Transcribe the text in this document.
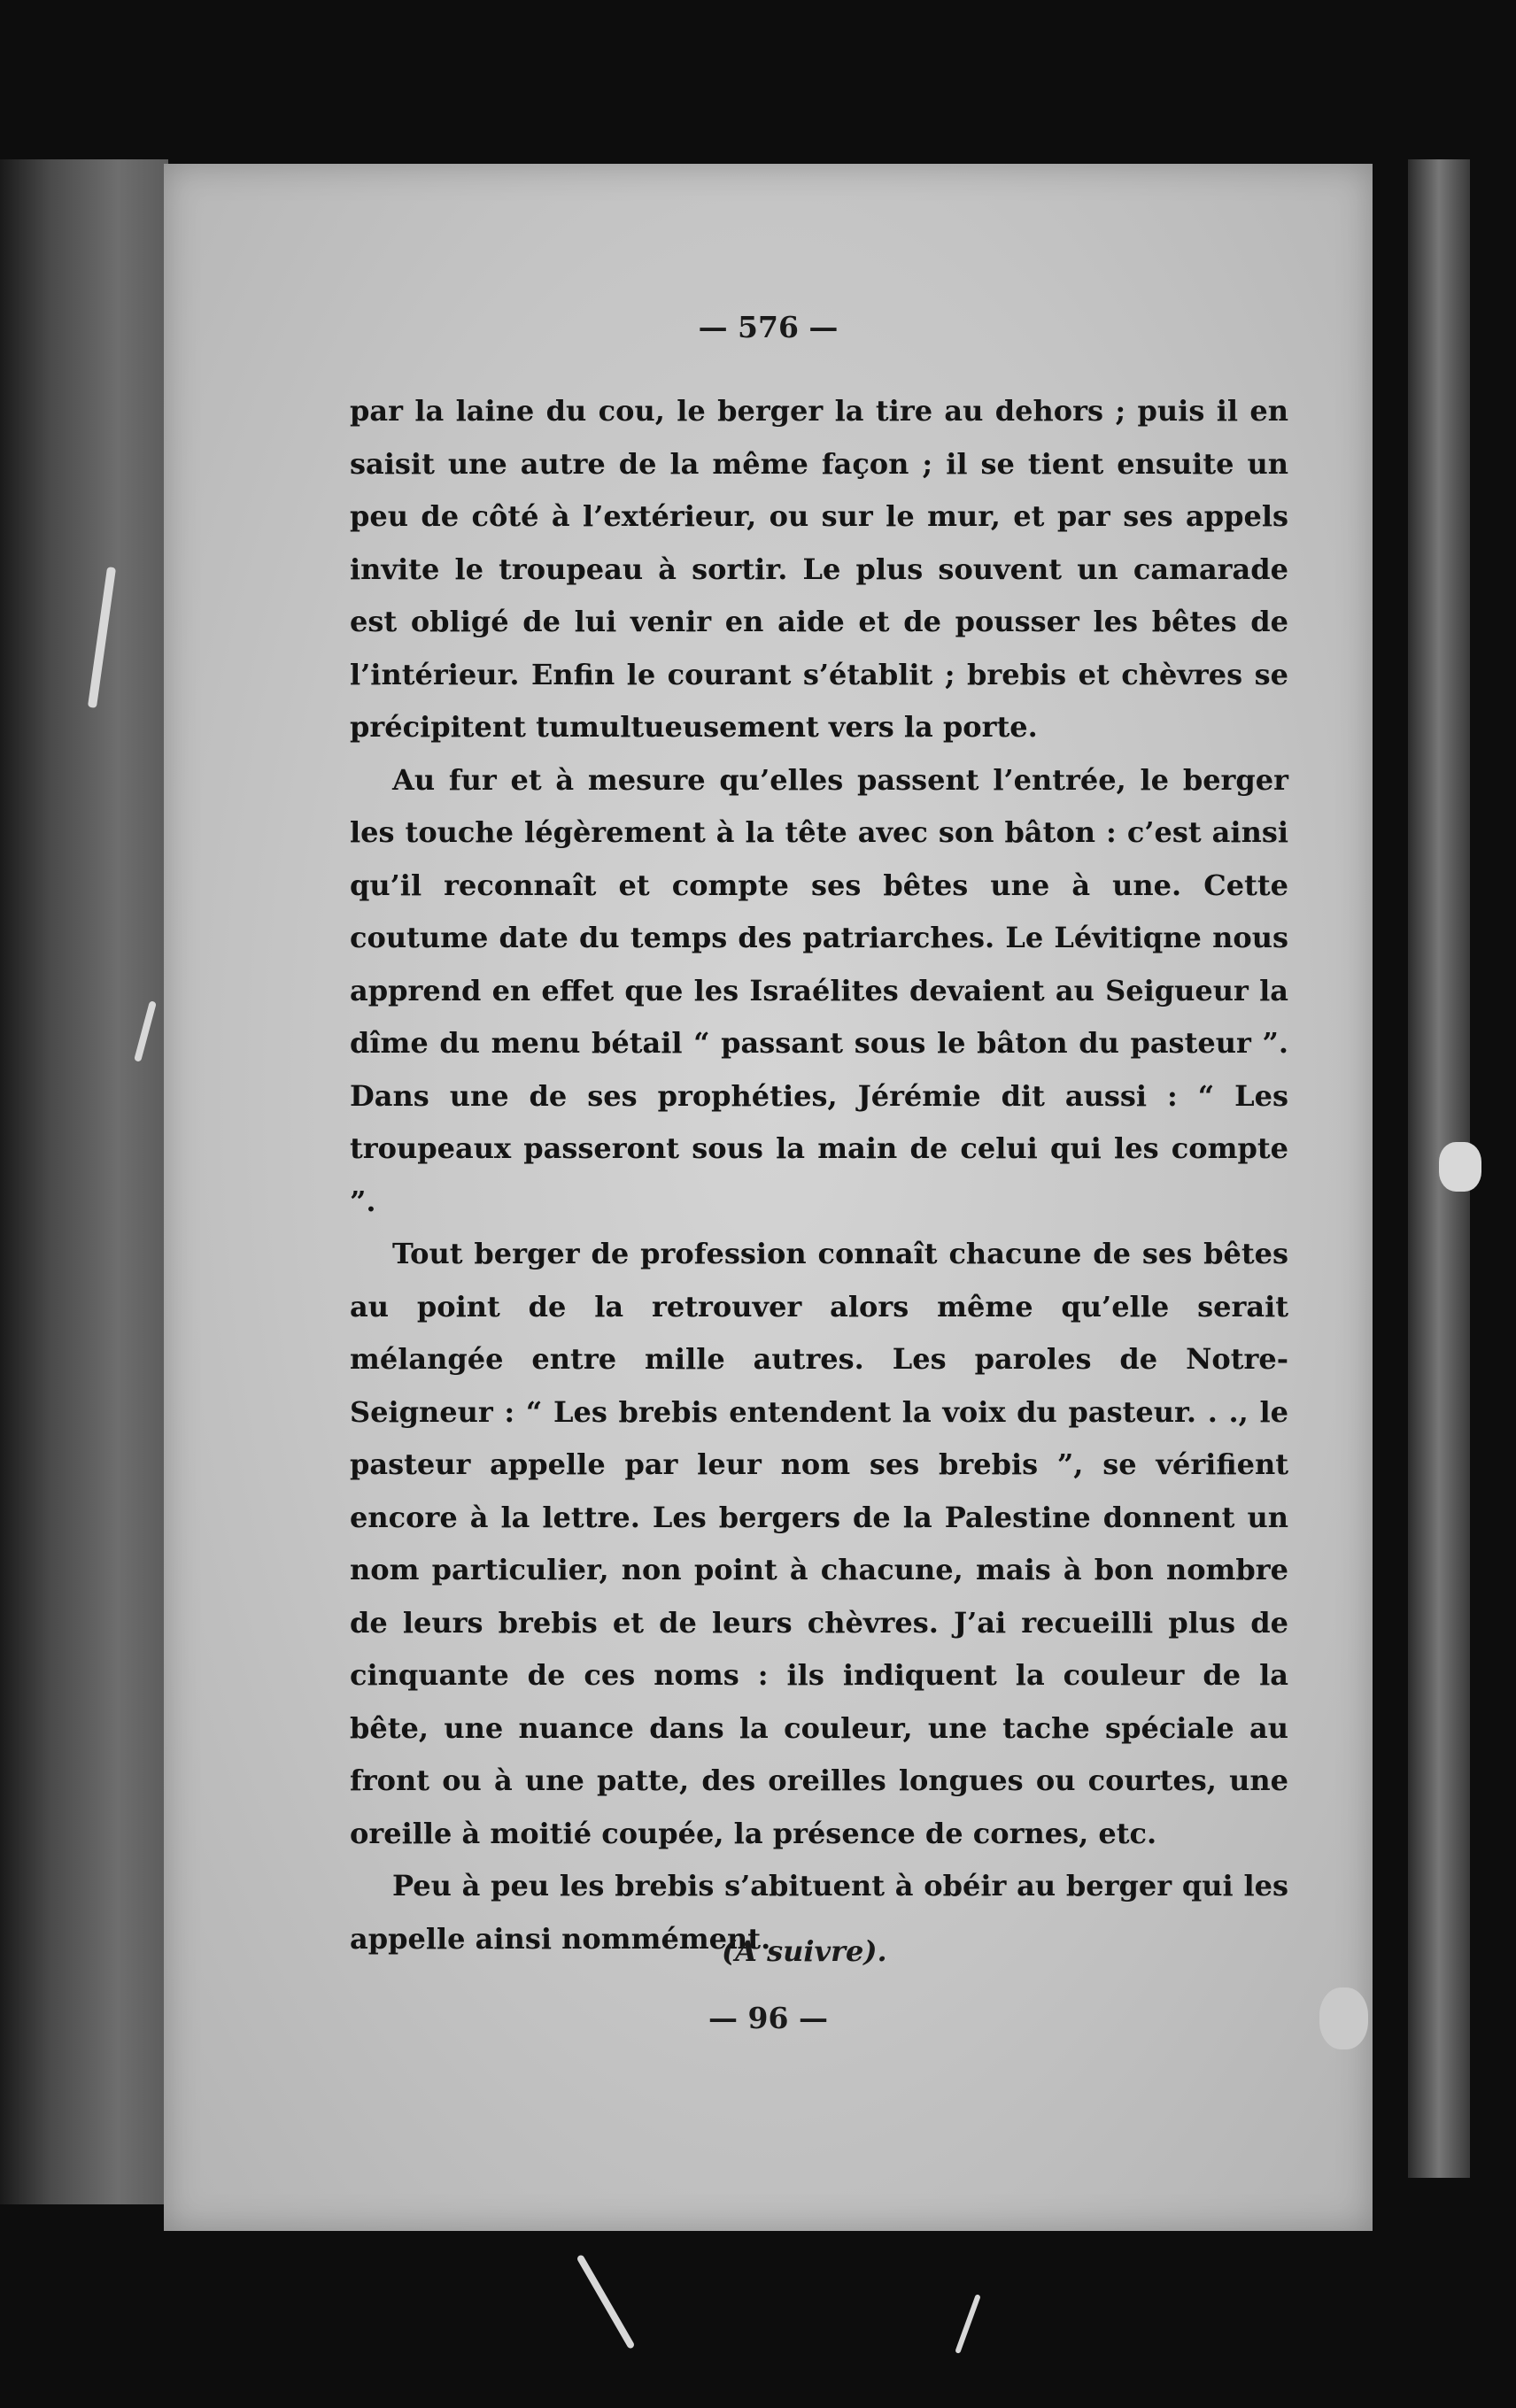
— 576 —

par la laine du cou, le berger la tire au dehors ; puis il en saisit une autre de la même façon ; il se tient ensuite un peu de côté à l’extérieur, ou sur le mur, et par ses appels invite le troupeau à sortir. Le plus souvent un camarade est obligé de lui venir en aide et de pousser les bêtes de l’intérieur. Enfin le courant s’établit ; brebis et chèvres se précipitent tumultueusement vers la porte.

Au fur et à mesure qu’elles passent l’entrée, le berger les touche légèrement à la tête avec son bâton : c’est ainsi qu’il reconnaît et compte ses bêtes une à une. Cette coutume date du temps des patriarches. Le Lévitiqne nous apprend en effet que les Israélites devaient au Seigueur la dîme du menu bétail “ passant sous le bâton du pasteur ”. Dans une de ses prophéties, Jérémie dit aussi : “ Les troupeaux passeront sous la main de celui qui les compte ”.

Tout berger de profession connaît chacune de ses bêtes au point de la retrouver alors même qu’elle serait mélangée entre mille autres. Les paroles de Notre-Seigneur : “ Les brebis entendent la voix du pasteur. . ., le pasteur appelle par leur nom ses brebis ”, se vérifient encore à la lettre. Les bergers de la Palestine donnent un nom particulier, non point à chacune, mais à bon nombre de leurs brebis et de leurs chèvres. J’ai recueilli plus de cinquante de ces noms : ils indiquent la couleur de la bête, une nuance dans la couleur, une tache spéciale au front ou à une patte, des oreilles longues ou courtes, une oreille à moitié coupée, la présence de cornes, etc.

Peu à peu les brebis s’abituent à obéir au berger qui les appelle ainsi nommément.

(A suivre).
— 96 —
